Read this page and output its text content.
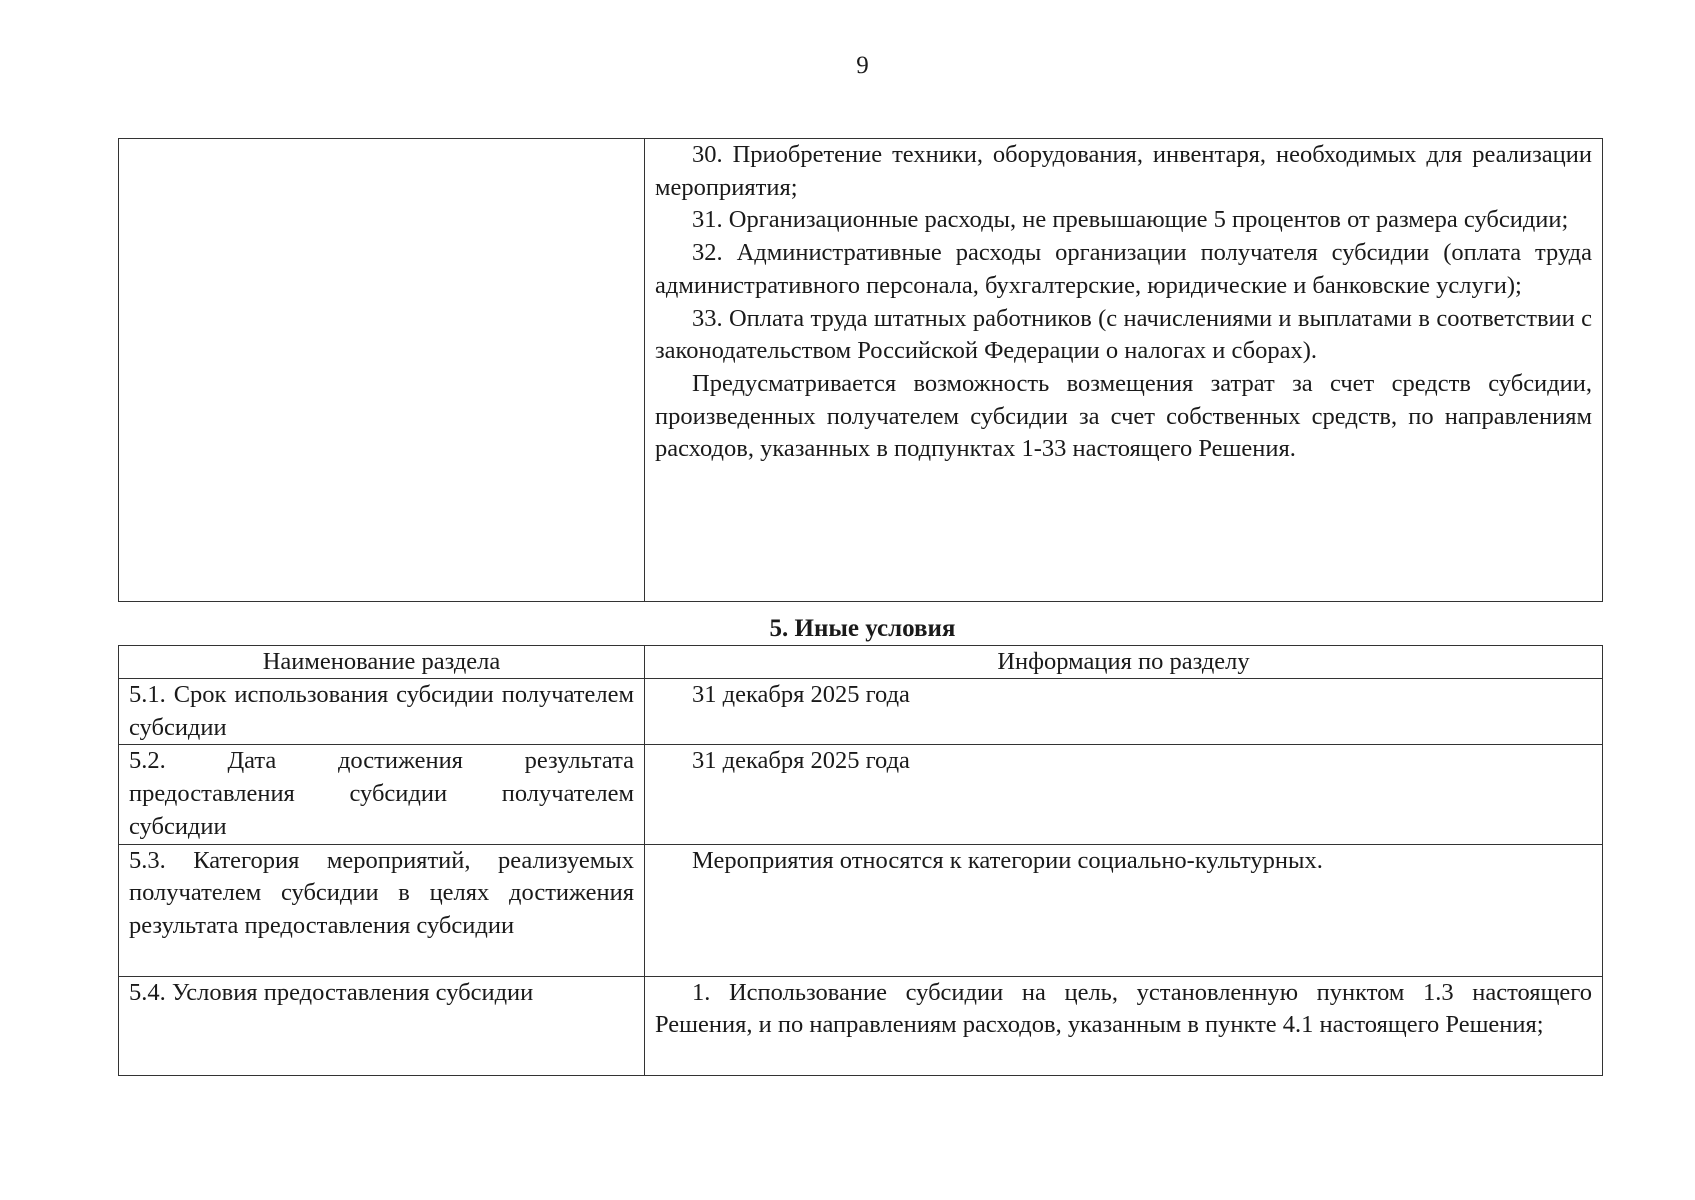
9

30. Приобретение техники, оборудования, инвентаря, необходимых для реализации мероприятия;

31. Организационные расходы, не превышающие 5 процентов от размера субсидии;

32. Административные расходы организации получателя субсидии (оплата труда административного персонала, бухгалтерские, юридические и банковские услуги);

33. Оплата труда штатных работников (с начислениями и выплатами в соответствии с законодательством Российской Федерации о налогах и сборах).

Предусматривается возможность возмещения затрат за счет средств субсидии, произведенных получателем субсидии за счет собственных средств, по направлениям расходов, указанных в подпунктах 1-33 настоящего Решения.

5. Иные условия
Наименование раздела	Информация по разделу

5.1. Срок использования субсидии получателем субсидии	31 декабря 2025 года

5.2. Дата достижения результата предоставления субсидии получателем субсидии	31 декабря 2025 года

5.3. Категория мероприятий, реализуемых получателем субсидии в целях достижения результата предоставления субсидии	Мероприятия относятся к категории социально-культурных.

5.4. Условия предоставления субсидии	1. Использование субсидии на цель, установленную пунктом 1.3 настоящего Решения, и по направлениям расходов, указанным в пункте 4.1 настоящего Решения;
